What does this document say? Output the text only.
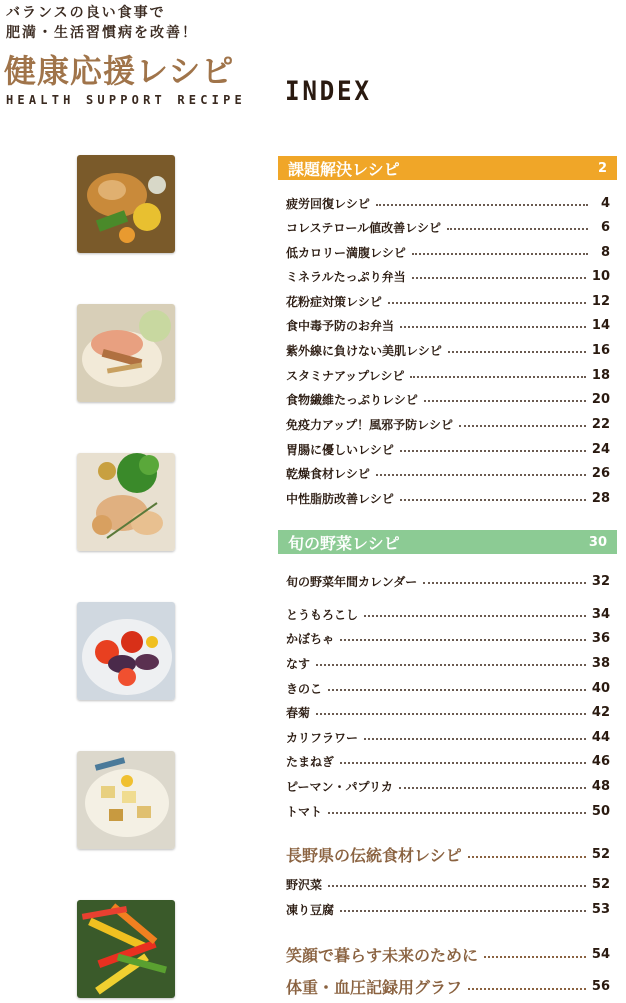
バランスの良い食事で
肥満・生活習慣病を改善！
健康応援レシピ
HEALTH SUPPORT RECIPE INDEX
課題解決レシピ	2
疲労回復レシピ	4
コレステロール値改善レシピ	6
低カロリー満腹レシピ	8
ミネラルたっぷり弁当	10
花粉症対策レシピ	12
食中毒予防のお弁当	14
紫外線に負けない美肌レシピ	16
スタミナアップレシピ	18
食物繊維たっぷりレシピ	20
免疫力アップ！風邪予防レシピ	22
胃腸に優しいレシピ	24
乾燥食材レシピ	26
中性脂肪改善レシピ	28
旬の野菜レシピ	30
旬の野菜年間カレンダー	32
とうもろこし	34
かぼちゃ	36
なす	38
きのこ	40
春菊	42
カリフラワー	44
たまねぎ	46
ピーマン・パプリカ	48
トマト	50
長野県の伝統食材レシピ	52
野沢菜	52
凍り豆腐	53
笑顔で暮らす未来のために	54
体重・血圧記録用グラフ	56
